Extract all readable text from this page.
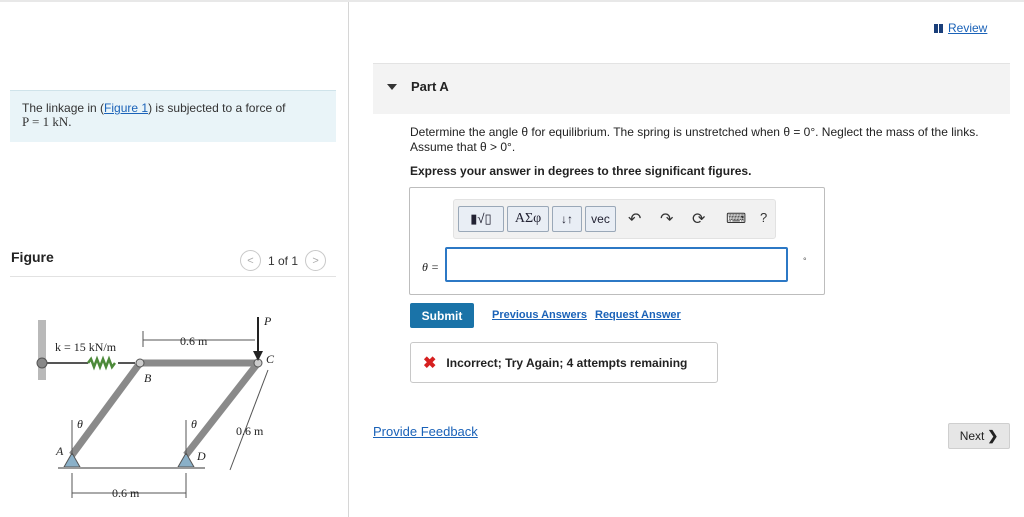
The linkage in (Figure 1) is subjected to a force of
P = 1 kN.
Figure	<	1 of 1	>
k = 15 kN/m	0.6 m
P
C
B
A	D
θ	θ	0.6 m
0.6 m
Review
Part A
Determine the angle θ for equilibrium. The spring is unstretched when θ = 0°. Neglect the mass of the links.
Assume that θ > 0°.
Express your answer in degrees to three significant figures.
▮√▯	ΑΣφ	↓↑	vec	↶ ↷ ⟳ ⌨ ?
θ =	°
Submit	Previous Answers Request Answer
✖ Incorrect; Try Again; 4 attempts remaining
Provide Feedback	Next ❯
